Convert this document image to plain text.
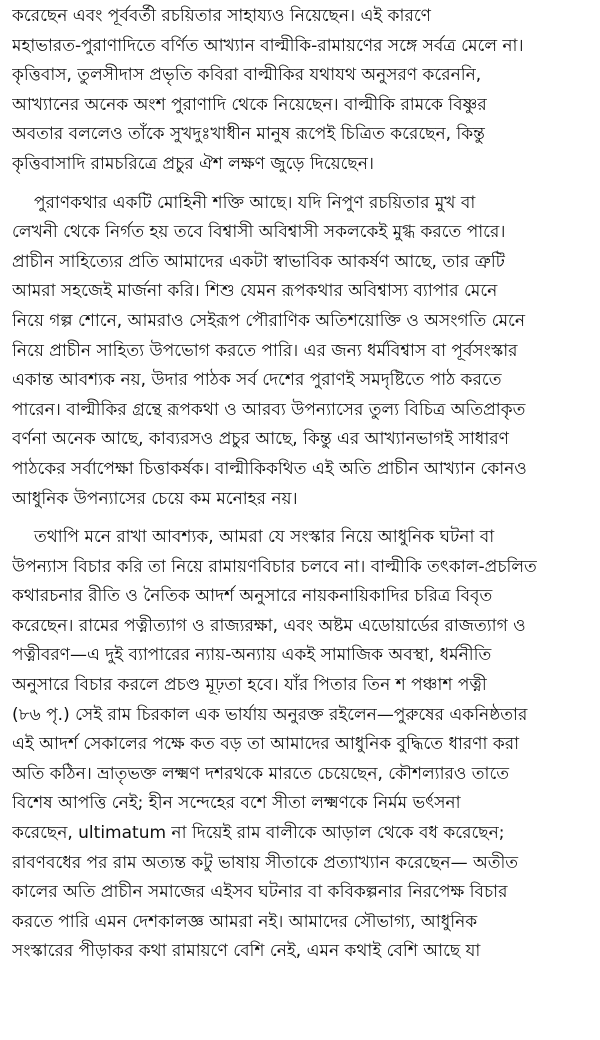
করেছেন এবং পূর্ববর্তী রচয়িতার সাহায্যও নিয়েছেন। এই কারণে
মহাভারত-পুরাণাদিতে বর্ণিত আখ্যান বাল্মীকি-রামায়ণের সঙ্গে সর্বত্র মেলে না।
কৃত্তিবাস, তুলসীদাস প্রভৃতি কবিরা বাল্মীকির যথাযথ অনুসরণ করেননি,
আখ্যানের অনেক অংশ পুরাণাদি থেকে নিয়েছেন। বাল্মীকি রামকে বিষ্ণুর
অবতার বললেও তাঁকে সুখদুঃখাধীন মানুষ রূপেই চিত্রিত করেছেন, কিন্তু
কৃত্তিবাসাদি রামচরিত্রে প্রচুর ঐশ লক্ষণ জুড়ে দিয়েছেন।
পুরাণকথার একটি মোহিনী শক্তি আছে। যদি নিপুণ রচয়িতার মুখ বা
লেখনী থেকে নির্গত হয় তবে বিশ্বাসী অবিশ্বাসী সকলকেই মুগ্ধ করতে পারে।
প্রাচীন সাহিত্যের প্রতি আমাদের একটা স্বাভাবিক আকর্ষণ আছে, তার ত্রুটি
আমরা সহজেই মার্জনা করি। শিশু যেমন রূপকথার অবিশ্বাস্য ব্যাপার মেনে
নিয়ে গল্প শোনে, আমরাও সেইরূপ পৌরাণিক অতিশয়োক্তি ও অসংগতি মেনে
নিয়ে প্রাচীন সাহিত্য উপভোগ করতে পারি। এর জন্য ধর্মবিশ্বাস বা পূর্বসংস্কার
একান্ত আবশ্যক নয়, উদার পাঠক সর্ব দেশের পুরাণই সমদৃষ্টিতে পাঠ করতে
পারেন। বাল্মীকির গ্রন্থে রূপকথা ও আরব্য উপন্যাসের তুল্য বিচিত্র অতিপ্রাকৃত
বর্ণনা অনেক আছে, কাব্যরসও প্রচুর আছে, কিন্তু এর আখ্যানভাগই সাধারণ
পাঠকের সর্বাপেক্ষা চিত্তাকর্ষক। বাল্মীকিকথিত এই অতি প্রাচীন আখ্যান কোনও
আধুনিক উপন্যাসের চেয়ে কম মনোহর নয়।
তথাপি মনে রাখা আবশ্যক, আমরা যে সংস্কার নিয়ে আধুনিক ঘটনা বা
উপন্যাস বিচার করি তা নিয়ে রামায়ণবিচার চলবে না। বাল্মীকি তৎকাল-প্রচলিত
কথারচনার রীতি ও নৈতিক আদর্শ অনুসারে নায়কনায়িকাদির চরিত্র বিবৃত
করেছেন। রামের পত্নীত্যাগ ও রাজ্যরক্ষা, এবং অষ্টম এডোয়ার্ডের রাজত্যাগ ও
পত্নীবরণ—এ দুই ব্যাপারের ন্যায়-অন্যায় একই সামাজিক অবস্থা, ধর্মনীতি
অনুসারে বিচার করলে প্রচণ্ড মূঢ়তা হবে। যাঁর পিতার তিন শ পঞ্চাশ পত্নী
(৮৬ পৃ.) সেই রাম চিরকাল এক ভার্যায় অনুরক্ত রইলেন—পুরুষের একনিষ্ঠতার
এই আদর্শ সেকালের পক্ষে কত বড় তা আমাদের আধুনিক বুদ্ধিতে ধারণা করা
অতি কঠিন। ভ্রাতৃভক্ত লক্ষ্মণ দশরথকে মারতে চেয়েছেন, কৌশল্যারও তাতে
বিশেষ আপত্তি নেই; হীন সন্দেহের বশে সীতা লক্ষ্মণকে নির্মম ভর্ৎসনা
করেছেন, ultimatum না দিয়েই রাম বালীকে আড়াল থেকে বধ করেছেন;
রাবণবধের পর রাম অত্যন্ত কটু ভাষায় সীতাকে প্রত্যাখ্যান করেছেন— অতীত
কালের অতি প্রাচীন সমাজের এইসব ঘটনার বা কবিকল্পনার নিরপেক্ষ বিচার
করতে পারি এমন দেশকালজ্ঞ আমরা নই। আমাদের সৌভাগ্য, আধুনিক
সংস্কারের পীড়াকর কথা রামায়ণে বেশি নেই, এমন কথাই বেশি আছে যা
